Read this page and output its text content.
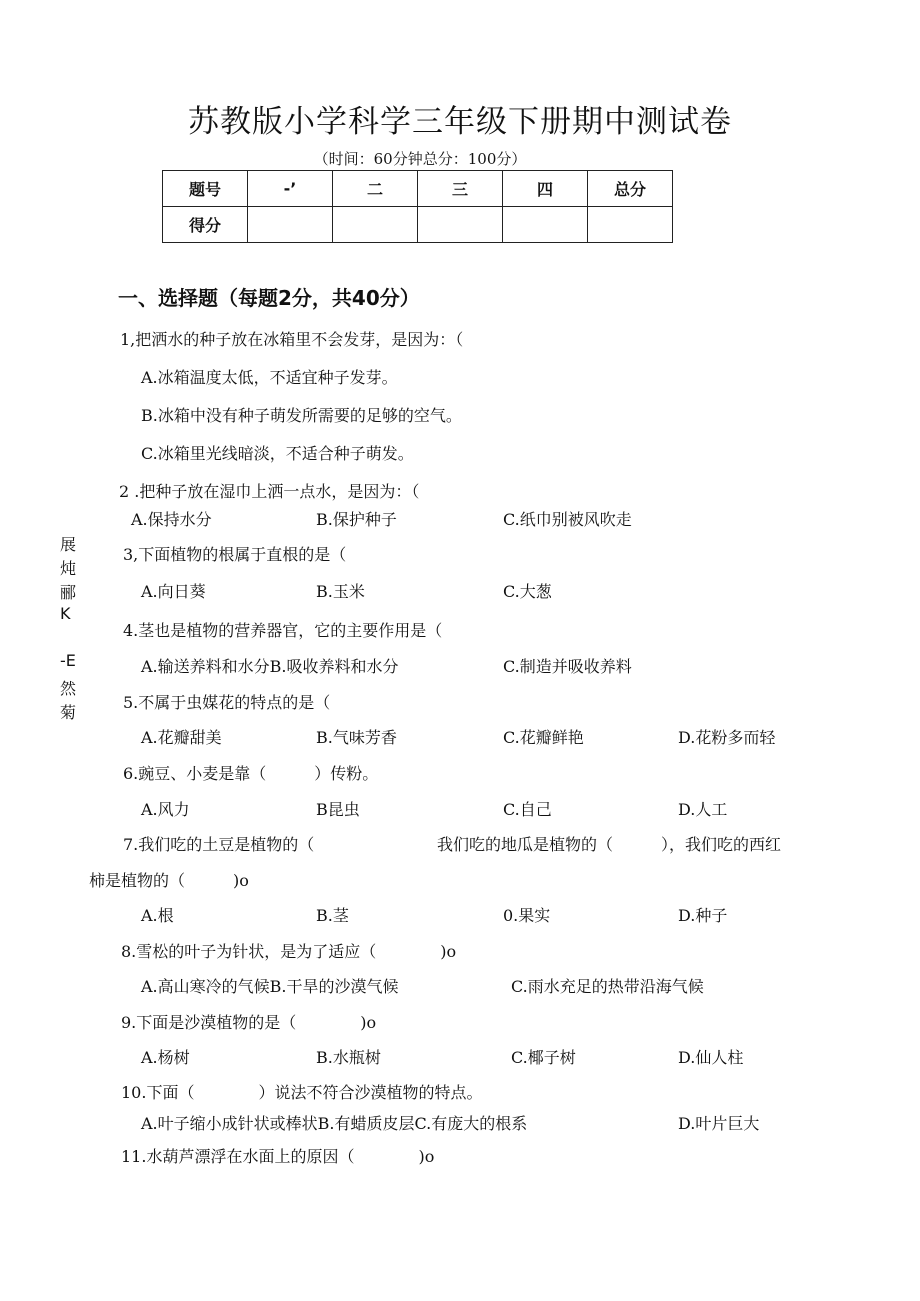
苏教版小学科学三年级下册期中测试卷
（时间：60分钟总分：100分）
题号	-’	二	三	四	总分
得分					
一、选择题（每题2分，共40分）
展
炖
郦
K
-E
然
菊
1,把洒水的种子放在冰箱里不会发芽，是因为：（
A.冰箱温度太低，不适宜种子发芽。
B.冰箱中没有种子萌发所需要的足够的空气。
C.冰箱里光线暗淡，不适合种子萌发。
2 .把种子放在湿巾上洒一点水，是因为：（
A.保持水分	B.保护种子	C.纸巾别被风吹走
3,下面植物的根属于直根的是（
A.向日葵	B.玉米	C.大葱
4.茎也是植物的营养器官，它的主要作用是（
A.输送养料和水分B.吸收养料和水分	C.制造并吸收养料
5.不属于虫媒花的特点的是（
A.花瓣甜美	B.气味芳香	C.花瓣鲜艳	D.花粉多而轻
6.豌豆、小麦是靠（　　　）传粉。
A.风力	B昆虫	C.自己	D.人工
7.我们吃的土豆是植物的（	我们吃的地瓜是植物的（　　　），我们吃的西红
柿是植物的（　　　)o
A.根	B.茎	0.果实	D.种子
8.雪松的叶子为针状，是为了适应（　　　　)o
A.高山寒冷的气候B.干旱的沙漠气候	C.雨水充足的热带沿海气候
9.下面是沙漠植物的是（　　　　)o
A.杨树	B.水瓶树	C.椰子树	D.仙人柱
10.下面（　　　　）说法不符合沙漠植物的特点。
A.叶子缩小成针状或棒状B.有蜡质皮层C.有庞大的根系	D.叶片巨大
11.水葫芦漂浮在水面上的原因（　　　　)o
